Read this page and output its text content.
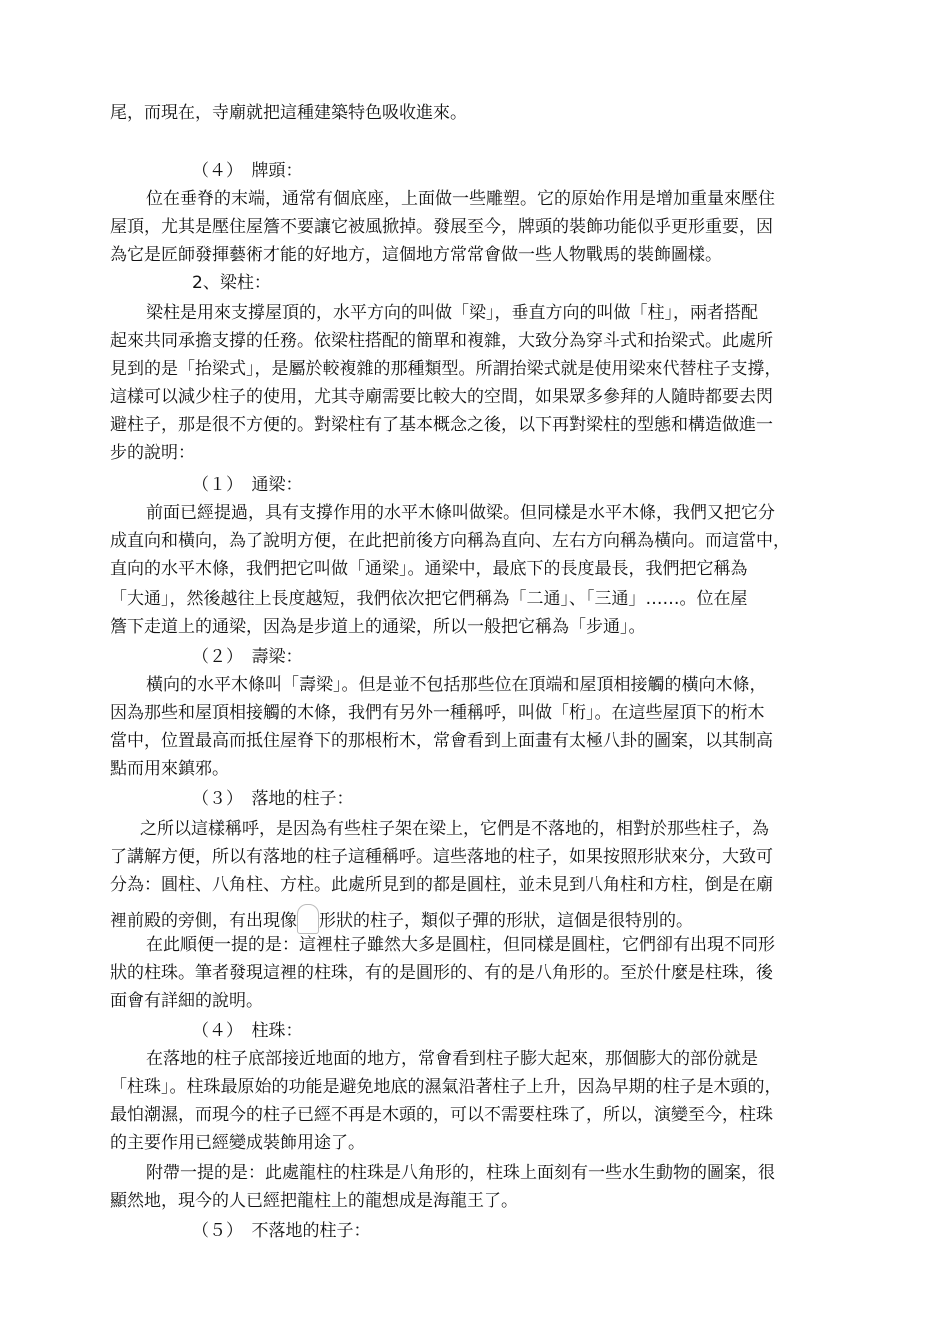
尾，而現在，寺廟就把這種建築特色吸收進來。

（４）　牌頭：

位在垂脊的末端，通常有個底座，上面做一些雕塑。它的原始作用是增加重量來壓住

屋頂，尤其是壓住屋簷不要讓它被風掀掉。發展至今，牌頭的裝飾功能似乎更形重要，因

為它是匠師發揮藝術才能的好地方，這個地方常常會做一些人物戰馬的裝飾圖樣。

2、梁柱：

梁柱是用來支撐屋頂的，水平方向的叫做「梁」，垂直方向的叫做「柱」，兩者搭配

起來共同承擔支撐的任務。依梁柱搭配的簡單和複雜，大致分為穿斗式和抬梁式。此處所

見到的是「抬梁式」，是屬於較複雜的那種類型。所謂抬梁式就是使用梁來代替柱子支撐，

這樣可以減少柱子的使用，尤其寺廟需要比較大的空間，如果眾多參拜的人隨時都要去閃

避柱子，那是很不方便的。對梁柱有了基本概念之後，以下再對梁柱的型態和構造做進一

步的說明：

（１）　通梁：

前面已經提過，具有支撐作用的水平木條叫做梁。但同樣是水平木條，我們又把它分

成直向和橫向，為了說明方便，在此把前後方向稱為直向、左右方向稱為橫向。而這當中，

直向的水平木條，我們把它叫做「通梁」。通梁中，最底下的長度最長，我們把它稱為

「大通」，然後越往上長度越短，我們依次把它們稱為「二通」、「三通」……。位在屋

簷下走道上的通梁，因為是步道上的通梁，所以一般把它稱為「步通」。

（２）　壽梁：

橫向的水平木條叫「壽梁」。但是並不包括那些位在頂端和屋頂相接觸的橫向木條，

因為那些和屋頂相接觸的木條，我們有另外一種稱呼，叫做「桁」。在這些屋頂下的桁木

當中，位置最高而抵住屋脊下的那根桁木，常會看到上面畫有太極八卦的圖案，以其制高

點而用來鎮邪。

（３）　落地的柱子：

之所以這樣稱呼，是因為有些柱子架在梁上，它們是不落地的，相對於那些柱子，為

了講解方便，所以有落地的柱子這種稱呼。這些落地的柱子，如果按照形狀來分，大致可

分為：圓柱、八角柱、方柱。此處所見到的都是圓柱，並未見到八角柱和方柱，倒是在廟

裡前殿的旁側，有出現像 形狀的柱子，類似子彈的形狀，這個是很特別的。

在此順便一提的是：這裡柱子雖然大多是圓柱，但同樣是圓柱，它們卻有出現不同形

狀的柱珠。筆者發現這裡的柱珠，有的是圓形的、有的是八角形的。至於什麼是柱珠，後

面會有詳細的說明。

（４）　柱珠：

在落地的柱子底部接近地面的地方，常會看到柱子膨大起來，那個膨大的部份就是

「柱珠」。柱珠最原始的功能是避免地底的濕氣沿著柱子上升，因為早期的柱子是木頭的，

最怕潮濕，而現今的柱子已經不再是木頭的，可以不需要柱珠了，所以，演變至今，柱珠

的主要作用已經變成裝飾用途了。

附帶一提的是：此處龍柱的柱珠是八角形的，柱珠上面刻有一些水生動物的圖案，很

顯然地，現今的人已經把龍柱上的龍想成是海龍王了。

（５）　不落地的柱子：
